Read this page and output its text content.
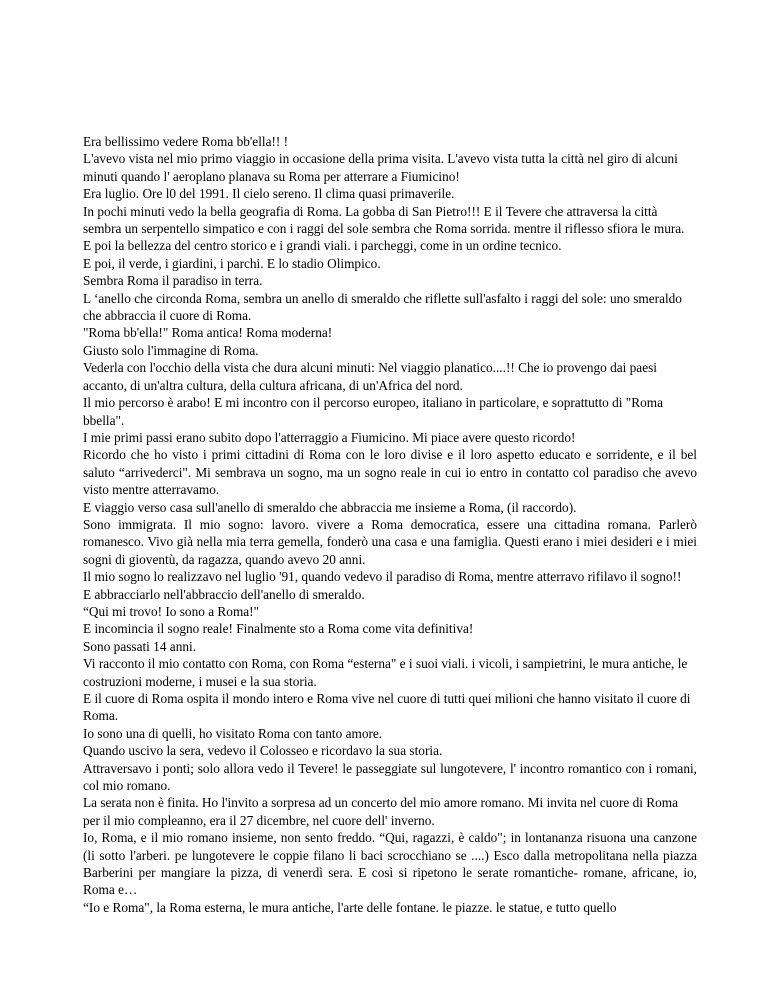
Era bellissimo vedere Roma bb'ella!! !

L'avevo vista nel mio primo viaggio in occasione della prima visita. L'avevo vista tutta la città nel giro di alcuni minuti quando l' aeroplano planava su Roma per atterrare a Fiumicino!

Era luglio. Ore l0 del 1991. Il cielo sereno. Il clima quasi primaverile.

In pochi minuti vedo la bella geografia di Roma. La gobba di San Pietro!!! E il Tevere che attraversa la città sembra un serpentello simpatico e con i raggi del sole sembra che Roma sorrida. mentre il riflesso sfiora le mura.

E poi la bellezza del centro storico e i grandi viali. i parcheggi, come in un ordine tecnico.

E poi, il verde, i giardini, i parchi. E lo stadio Olimpico.

Sembra Roma il paradiso in terra.

L ‘anello che circonda Roma, sembra un anello di smeraldo che riflette sull'asfalto i raggi del sole: uno smeraldo che abbraccia il cuore di Roma.

"Roma bb'ella!" Roma antica! Roma moderna!

Giusto solo l'immagine di Roma.

Vederla con l'occhio della vista che dura alcuni minuti: Nel viaggio planatico....!! Che io provengo dai paesi accanto, di un'altra cultura, della cultura africana, di un'Africa del nord.

Il mio percorso è arabo! E mi incontro con il percorso europeo, italiano in particolare, e soprattutto di "Roma bbella".

I mie primi passi erano subito dopo l'atterraggio a Fiumicino. Mi piace avere questo ricordo!

Ricordo che ho visto i primi cittadini di Roma con le loro divise e il loro aspetto educato e sorridente, e il bel saluto “arrivederci". Mi sembrava un sogno, ma un sogno reale in cui io entro in contatto col paradiso che avevo visto mentre atterravamo.

E viaggio verso casa sull'anello di smeraldo che abbraccia me insieme a Roma, (il raccordo).

Sono immigrata. Il mio sogno: lavoro. vivere a Roma democratica, essere una cittadina romana. Parlerò romanesco. Vivo già nella mia terra gemella, fonderò una casa e una famiglia. Questi erano i miei desideri e i miei sogni di gioventù, da ragazza, quando avevo 20 anni.

Il mio sogno lo realizzavo nel luglio '91, quando vedevo il paradiso di Roma, mentre atterravo rifilavo il sogno!!

E abbracciarlo nell'abbraccio dell'anello di smeraldo.

“Qui mi trovo! Io sono a Roma!"

E incomincia il sogno reale! Finalmente sto a Roma come vita definitiva!

Sono passati 14 anni.

Vi racconto il mio contatto con Roma, con Roma “esterna" e i suoi viali. i vicoli, i sampietrini, le mura antiche, le costruzioni moderne, i musei e la sua storia.

E il cuore di Roma ospita il mondo intero e Roma vive nel cuore di tutti quei milioni che hanno visitato il cuore di Roma.

Io sono una di quelli, ho visitato Roma con tanto amore.

Quando uscivo la sera, vedevo il Colosseo e ricordavo la sua storia.

Attraversavo i ponti; solo allora vedo il Tevere! le passeggiate sul lungotevere, l' incontro romantico con i romani, col mio romano.

La serata non è finita. Ho l'invito a sorpresa ad un concerto del mio amore romano. Mi invita nel cuore di Roma per il mio compleanno, era il 27 dicembre, nel cuore dell' inverno.

Io, Roma, e il mio romano insieme, non sento freddo. “Qui, ragazzi, è caldo"; in lontananza risuona una canzone (li sotto l'arberi. pe lungotevere le coppie filano li baci scrocchiano se ....) Esco dalla metropolitana nella piazza Barberini per mangiare la pizza, di venerdì sera. E così si ripetono le serate romantiche- romane, africane, io, Roma e…

“Io e Roma", la Roma esterna, le mura antiche, l'arte delle fontane. le piazze. le statue, e tutto quello
